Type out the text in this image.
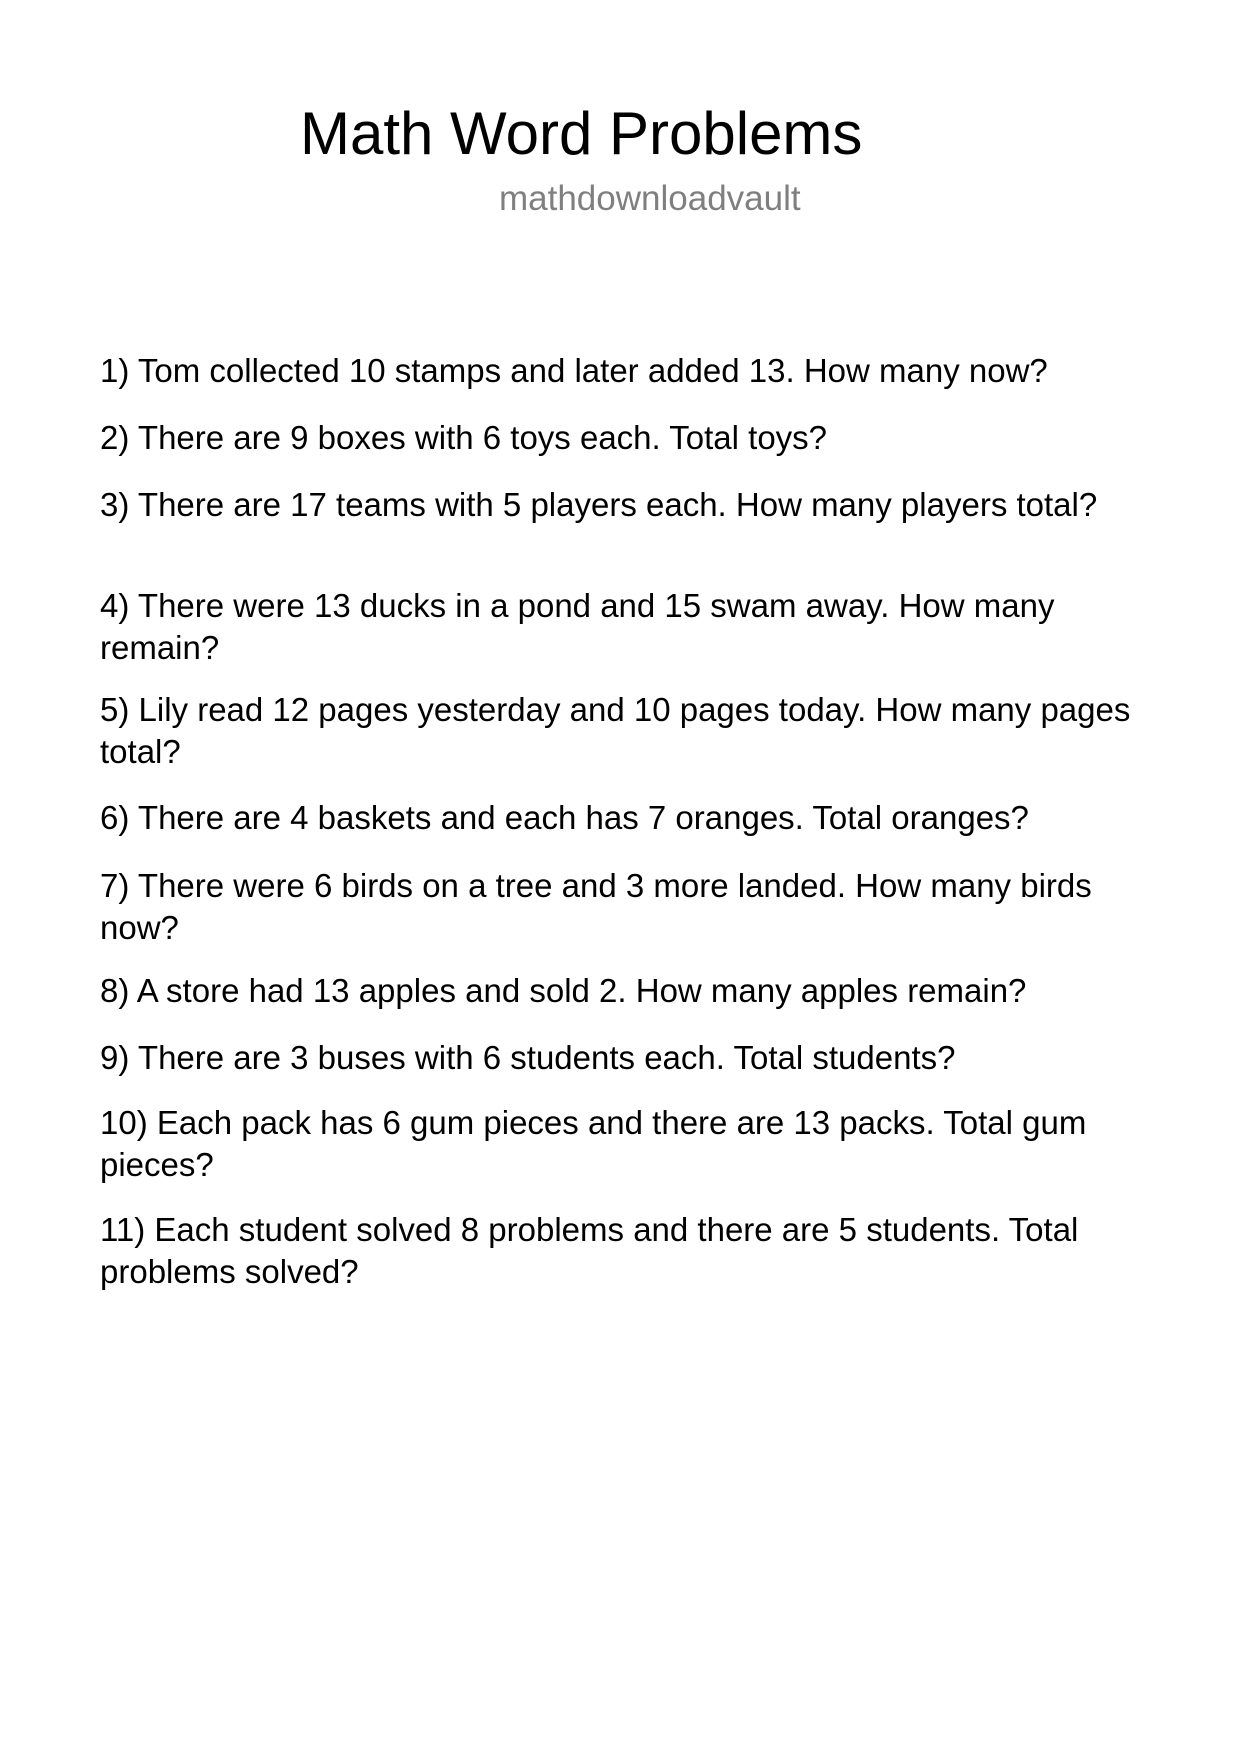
Math Word Problems
mathdownloadvault
1) Tom collected 10 stamps and later added 13. How many now?
2) There are 9 boxes with 6 toys each. Total toys?
3) There are 17 teams with 5 players each. How many players total?
4) There were 13 ducks in a pond and 15 swam away. How many remain?
5) Lily read 12 pages yesterday and 10 pages today. How many pages total?
6) There are 4 baskets and each has 7 oranges. Total oranges?
7) There were 6 birds on a tree and 3 more landed. How many birds now?
8) A store had 13 apples and sold 2. How many apples remain?
9) There are 3 buses with 6 students each. Total students?
10) Each pack has 6 gum pieces and there are 13 packs. Total gum pieces?
11) Each student solved 8 problems and there are 5 students. Total problems solved?
